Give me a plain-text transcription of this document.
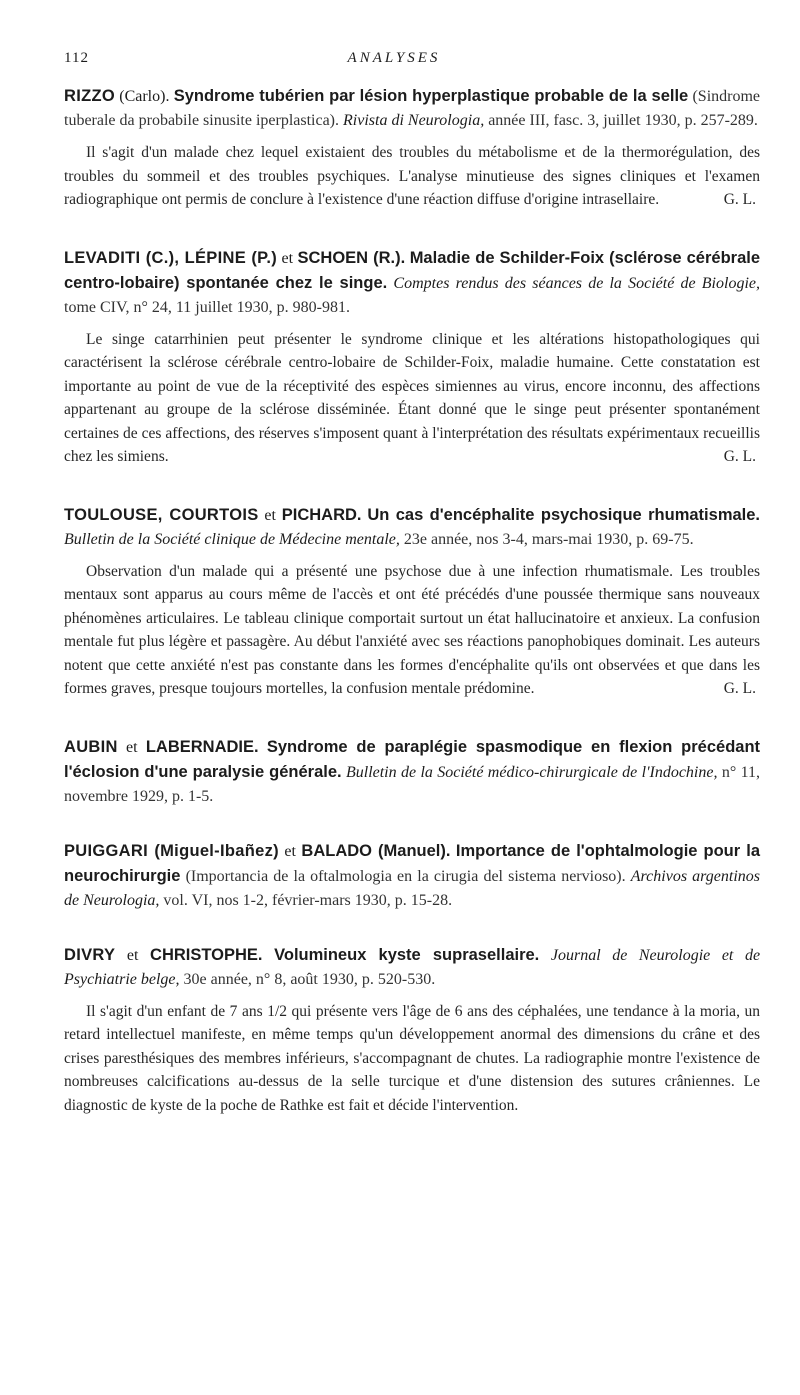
112	ANALYSES

RIZZO (Carlo). Syndrome tubérien par lésion hyperplastique probable de la selle (Sindrome tuberale da probabile sinusite iperplastica). Rivista di Neurologia, année III, fasc. 3, juillet 1930, p. 257-289.

Il s'agit d'un malade chez lequel existaient des troubles du métabolisme et de la thermorégulation, des troubles du sommeil et des troubles psychiques. L'analyse minutieuse des signes cliniques et l'examen radiographique ont permis de conclure à l'existence d'une réaction diffuse d'origine intrasellaire.	G. L.

LEVADITI (C.), LÉPINE (P.) et SCHOEN (R.). Maladie de Schilder-Foix (sclérose cérébrale centro-lobaire) spontanée chez le singe. Comptes rendus des séances de la Société de Biologie, tome CIV, n° 24, 11 juillet 1930, p. 980-981.

Le singe catarrhinien peut présenter le syndrome clinique et les altérations histopathologiques qui caractérisent la sclérose cérébrale centro-lobaire de Schilder-Foix, maladie humaine. Cette constatation est importante au point de vue de la réceptivité des espèces simiennes au virus, encore inconnu, des affections appartenant au groupe de la sclérose disséminée. Étant donné que le singe peut présenter spontanément certaines de ces affections, des réserves s'imposent quant à l'interprétation des résultats expérimentaux recueillis chez les simiens.	G. L.

TOULOUSE, COURTOIS et PICHARD. Un cas d'encéphalite psychosique rhumatismale. Bulletin de la Société clinique de Médecine mentale, 23e année, nos 3-4, mars-mai 1930, p. 69-75.

Observation d'un malade qui a présenté une psychose due à une infection rhumatismale. Les troubles mentaux sont apparus au cours même de l'accès et ont été précédés d'une poussée thermique sans nouveaux phénomènes articulaires. Le tableau clinique comportait surtout un état hallucinatoire et anxieux. La confusion mentale fut plus légère et passagère. Au début l'anxiété avec ses réactions panophobiques dominait. Les auteurs notent que cette anxiété n'est pas constante dans les formes d'encéphalite qu'ils ont observées et que dans les formes graves, presque toujours mortelles, la confusion mentale prédomine.	G. L.

AUBIN et LABERNADIE. Syndrome de paraplégie spasmodique en flexion précédant l'éclosion d'une paralysie générale. Bulletin de la Société médico-chirurgicale de l'Indochine, n° 11, novembre 1929, p. 1-5.

PUIGGARI (Miguel-Ibañez) et BALADO (Manuel). Importance de l'ophtalmologie pour la neurochirurgie (Importancia de la oftalmologia en la cirugia del sistema nervioso). Archivos argentinos de Neurologia, vol. VI, nos 1-2, février-mars 1930, p. 15-28.

DIVRY et CHRISTOPHE. Volumineux kyste suprasellaire. Journal de Neurologie et de Psychiatrie belge, 30e année, n° 8, août 1930, p. 520-530.

Il s'agit d'un enfant de 7 ans 1/2 qui présente vers l'âge de 6 ans des céphalées, une tendance à la moria, un retard intellectuel manifeste, en même temps qu'un développement anormal des dimensions du crâne et des crises paresthésiques des membres inférieurs, s'accompagnant de chutes. La radiographie montre l'existence de nombreuses calcifications au-dessus de la selle turcique et d'une distension des sutures crâniennes. Le diagnostic de kyste de la poche de Rathke est fait et décide l'intervention.
